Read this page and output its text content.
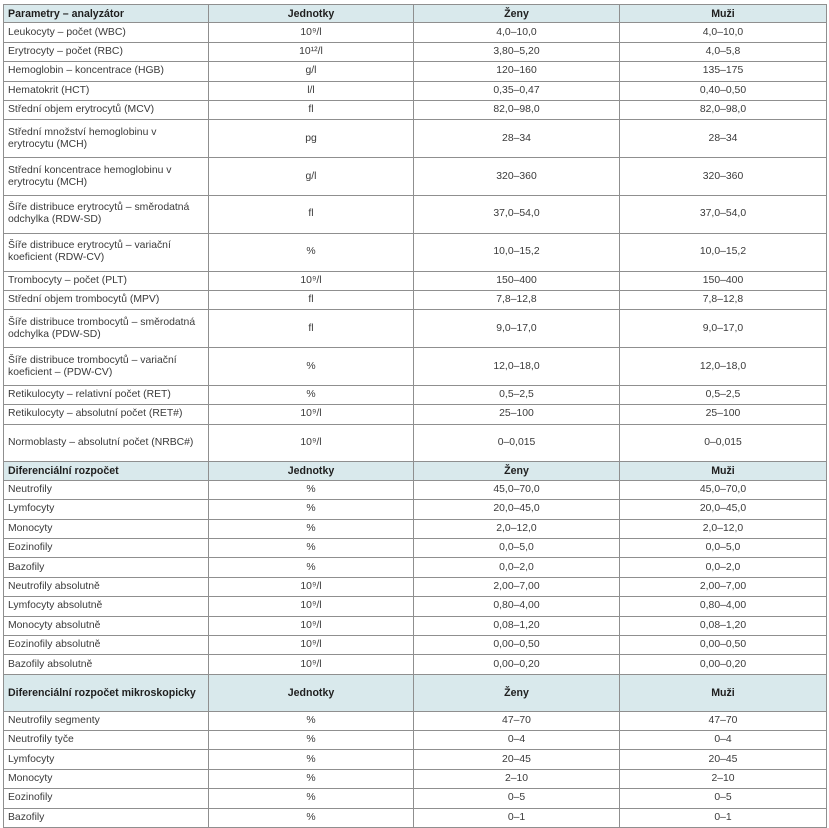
Parametry – analyzátor	Jednotky	Ženy	Muži
Leukocyty – počet (WBC)	10⁹/l	4,0–10,0	4,0–10,0
Erytrocyty – počet (RBC)	10¹²/l	3,80–5,20	4,0–5,8
Hemoglobin – koncentrace (HGB)	g/l	120–160	135–175
Hematokrit (HCT)	l/l	0,35–0,47	0,40–0,50
Střední objem erytrocytů (MCV)	fl	82,0–98,0	82,0–98,0
Střední množství hemoglobinu v erytrocytu (MCH)	pg	28–34	28–34
Střední koncentrace hemoglobinu v erytrocytu (MCH)	g/l	320–360	320–360
Šíře distribuce erytrocytů – směrodatná odchylka (RDW-SD)	fl	37,0–54,0	37,0–54,0
Šíře distribuce erytrocytů – variační koeficient (RDW-CV)	%	10,0–15,2	10,0–15,2
Trombocyty – počet (PLT)	10⁹/l	150–400	150–400
Střední objem trombocytů (MPV)	fl	7,8–12,8	7,8–12,8
Šíře distribuce trombocytů – směrodatná odchylka (PDW-SD)	fl	9,0–17,0	9,0–17,0
Šíře distribuce trombocytů – variační koeficient – (PDW-CV)	%	12,0–18,0	12,0–18,0
Retikulocyty – relativní počet (RET)	%	0,5–2,5	0,5–2,5
Retikulocyty – absolutní počet (RET#)	10⁹/l	25–100	25–100
Normoblasty – absolutní počet (NRBC#)	10⁹/l	0–0,015	0–0,015
Diferenciální rozpočet	Jednotky	Ženy	Muži
Neutrofily	%	45,0–70,0	45,0–70,0
Lymfocyty	%	20,0–45,0	20,0–45,0
Monocyty	%	2,0–12,0	2,0–12,0
Eozinofily	%	0,0–5,0	0,0–5,0
Bazofily	%	0,0–2,0	0,0–2,0
Neutrofily absolutně	10⁹/l	2,00–7,00	2,00–7,00
Lymfocyty absolutně	10⁹/l	0,80–4,00	0,80–4,00
Monocyty absolutně	10⁹/l	0,08–1,20	0,08–1,20
Eozinofily absolutně	10⁹/l	0,00–0,50	0,00–0,50
Bazofily absolutně	10⁹/l	0,00–0,20	0,00–0,20
Diferenciální rozpočet mikroskopicky	Jednotky	Ženy	Muži
Neutrofily segmenty	%	47–70	47–70
Neutrofily tyče	%	0–4	0–4
Lymfocyty	%	20–45	20–45
Monocyty	%	2–10	2–10
Eozinofily	%	0–5	0–5
Bazofily	%	0–1	0–1
